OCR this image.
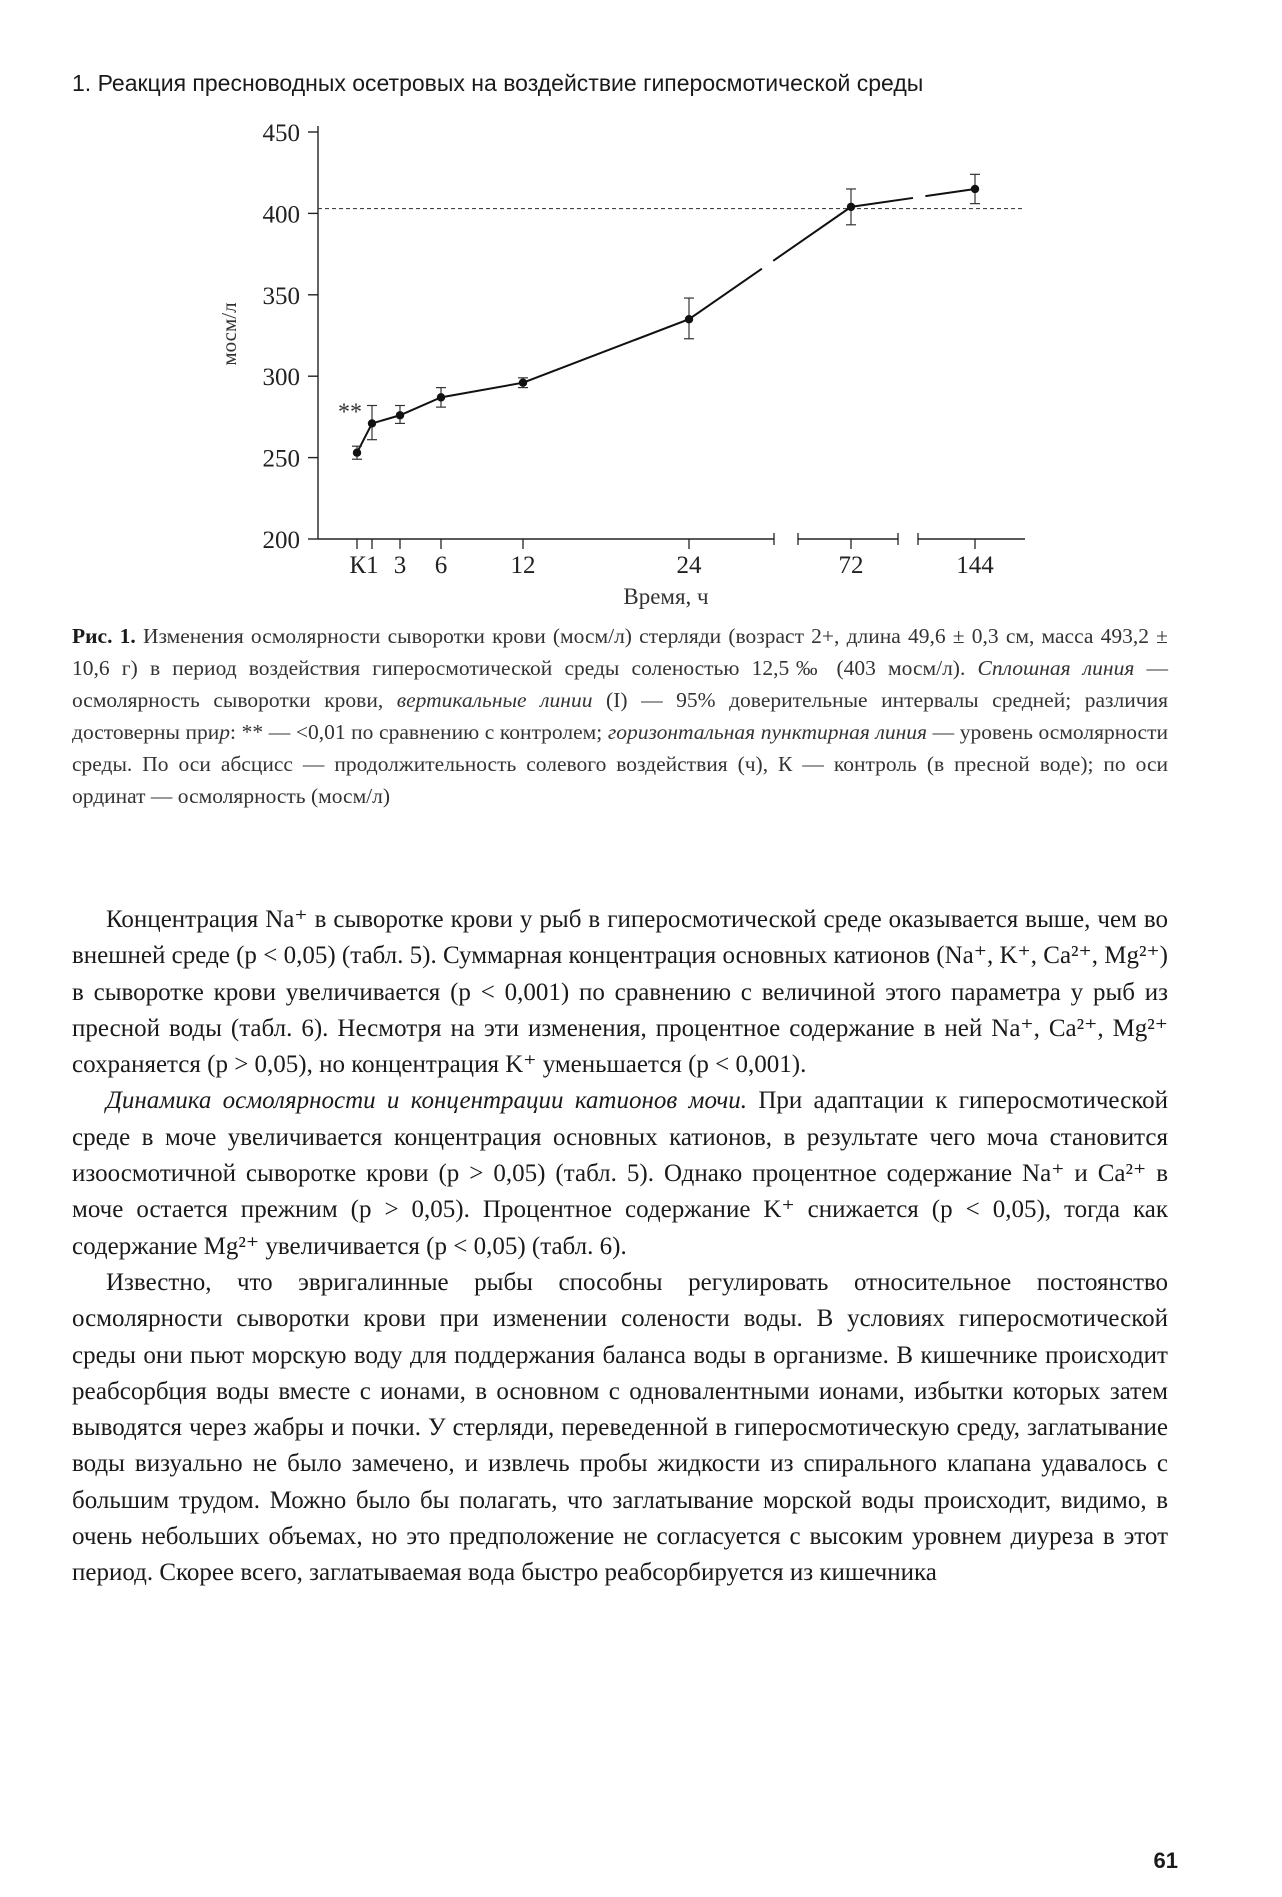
1. Реакция пресноводных осетровых на воздействие гиперосмотической среды
200
250
300
350
400
450
мосм/л
К1 3 6	12	24	72	144
Время, ч
**
Рис. 1. Изменения осмолярности сыворотки крови (мосм/л) стерляди (возраст 2+, длина 49,6 ± 0,3 см, масса 493,2 ± 10,6 г) в период воздействия гиперосмотической среды соленостью 12,5‰ (403 мосм/л). Сплошная линия — осмолярность сыворотки крови, вертикальные линии (I) — 95% доверительные интервалы средней; различия достоверны прир: ** — <0,01 по сравнению с контролем; горизонтальная пунктирная линия — уровень осмолярности среды. По оси абсцисс — продолжительность солевого воздействия (ч), К — контроль (в пресной воде); по оси ординат — осмолярность (мосм/л)

Концентрация Na⁺ в сыворотке крови у рыб в гиперосмотической среде оказывается выше, чем во внешней среде (p < 0,05) (табл. 5). Суммарная концентрация основных катионов (Na⁺, K⁺, Ca²⁺, Mg²⁺) в сыворотке крови увеличивается (p < 0,001) по сравнению с величиной этого параметра у рыб из пресной воды (табл. 6). Несмотря на эти изменения, процентное содержание в ней Na⁺, Ca²⁺, Mg²⁺ сохраняется (p > 0,05), но концентрация K⁺ уменьшается (p < 0,001).

Динамика осмолярности и концентрации катионов мочи. При адаптации к гиперосмотической среде в моче увеличивается концентрация основных катионов, в результате чего моча становится изоосмотичной сыворотке крови (p > 0,05) (табл. 5). Однако процентное содержание Na⁺ и Ca²⁺ в моче остается прежним (p > 0,05). Процентное содержание K⁺ снижается (p < 0,05), тогда как содержание Mg²⁺ увеличивается (p < 0,05) (табл. 6).

Известно, что эвригалинные рыбы способны регулировать относительное постоянство осмолярности сыворотки крови при изменении солености воды. В условиях гиперосмотической среды они пьют морскую воду для поддержания баланса воды в организме. В кишечнике происходит реабсорбция воды вместе с ионами, в основном с одновалентными ионами, избытки которых затем выводятся через жабры и почки. У стерляди, переведенной в гиперосмотическую среду, заглатывание воды визуально не было замечено, и извлечь пробы жидкости из спирального клапана удавалось с большим трудом. Можно было бы полагать, что заглатывание морской воды происходит, видимо, в очень небольших объемах, но это предположение не согласуется с высоким уровнем диуреза в этот период. Скорее всего, заглатываемая вода быстро реабсорбируется из кишечника

61
